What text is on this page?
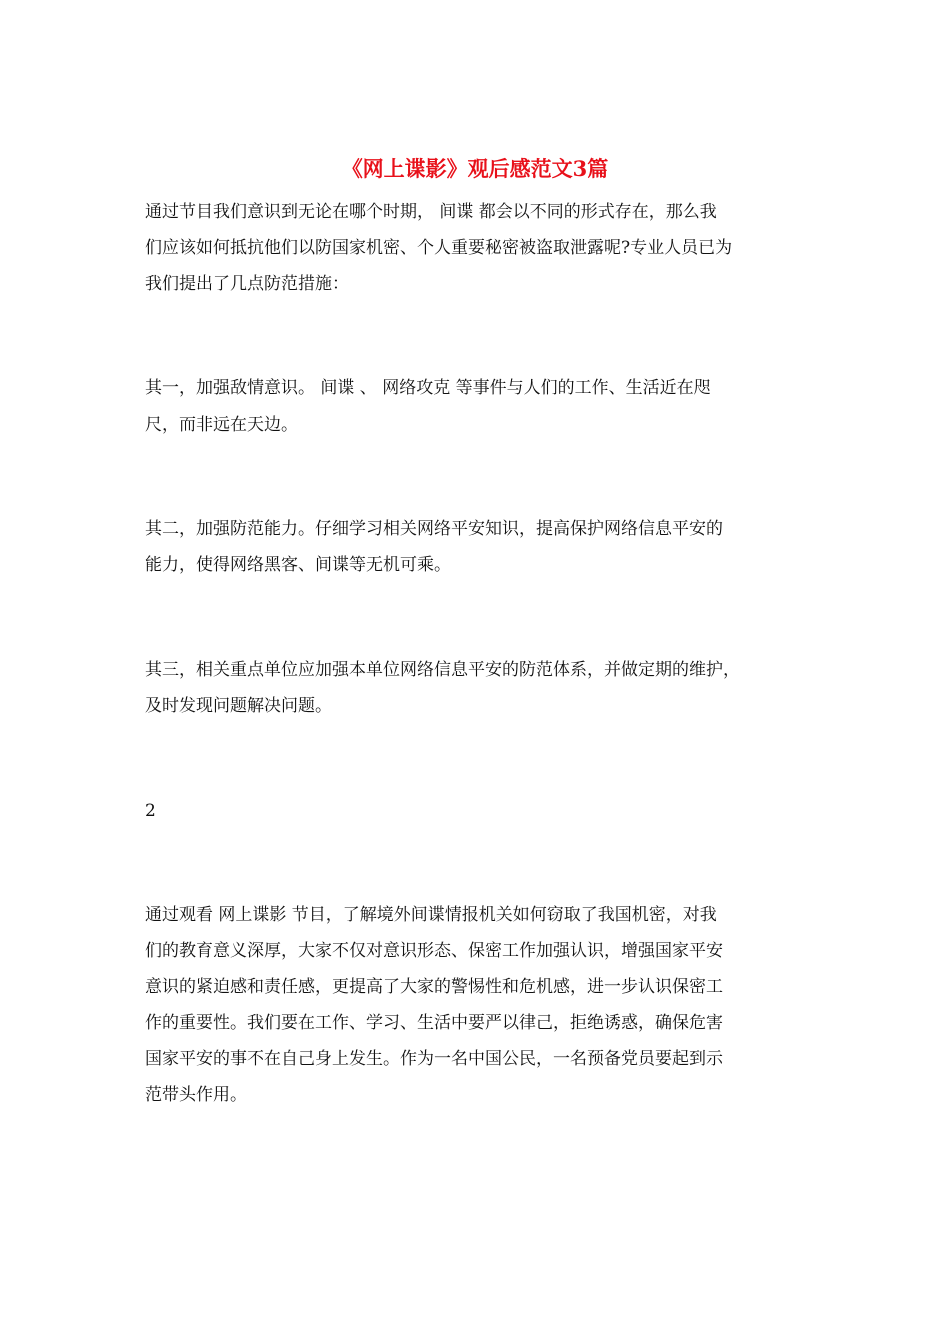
《网上谍影》观后感范文3篇

通过节目我们意识到无论在哪个时期， 间谍 都会以不同的形式存在，那么我

们应该如何抵抗他们以防国家机密、个人重要秘密被盗取泄露呢?专业人员已为

我们提出了几点防范措施：

其一，加强敌情意识。 间谍 、 网络攻克 等事件与人们的工作、生活近在咫

尺，而非远在天边。

其二，加强防范能力。仔细学习相关网络平安知识，提高保护网络信息平安的

能力，使得网络黑客、间谍等无机可乘。

其三，相关重点单位应加强本单位网络信息平安的防范体系，并做定期的维护，

及时发现问题解决问题。

2

通过观看 网上谍影 节目，了解境外间谍情报机关如何窃取了我国机密，对我

们的教育意义深厚，大家不仅对意识形态、保密工作加强认识，增强国家平安

意识的紧迫感和责任感，更提高了大家的警惕性和危机感，进一步认识保密工

作的重要性。我们要在工作、学习、生活中要严以律己，拒绝诱惑，确保危害

国家平安的事不在自己身上发生。作为一名中国公民，一名预备党员要起到示

范带头作用。
